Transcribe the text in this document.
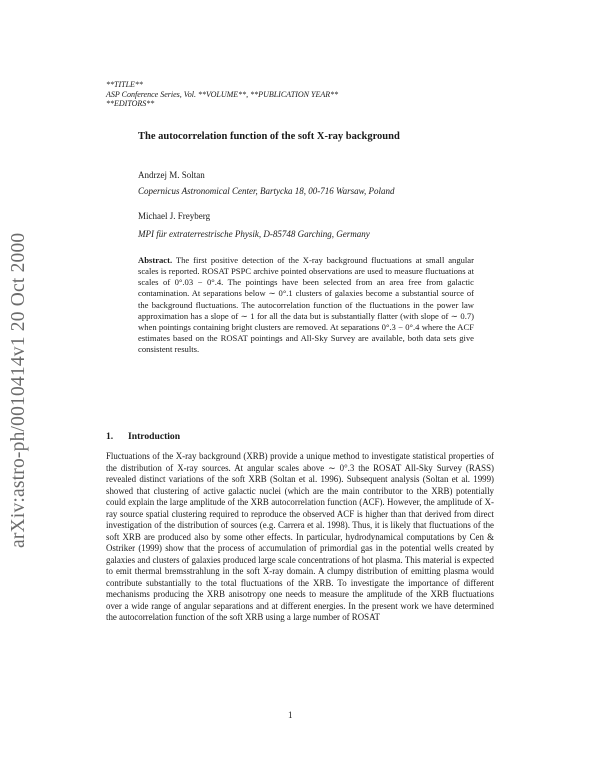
arXiv:astro-ph/0010414v1 20 Oct 2000
**TITLE**
ASP Conference Series, Vol. **VOLUME**, **PUBLICATION YEAR**
**EDITORS**
The autocorrelation function of the soft X-ray background
Andrzej M. Soltan
Copernicus Astronomical Center, Bartycka 18, 00-716 Warsaw, Poland
Michael J. Freyberg
MPI für extraterrestrische Physik, D-85748 Garching, Germany
Abstract. The first positive detection of the X-ray background fluctuations at small angular scales is reported. ROSAT PSPC archive pointed observations are used to measure fluctuations at scales of 0°.03 − 0°.4. The pointings have been selected from an area free from galactic contamination. At separations below ∼ 0°.1 clusters of galaxies become a substantial source of the background fluctuations. The autocorrelation function of the fluctuations in the power law approximation has a slope of ∼ 1 for all the data but is substantially flatter (with slope of ∼ 0.7) when pointings containing bright clusters are removed. At separations 0°.3 − 0°.4 where the ACF estimates based on the ROSAT pointings and All-Sky Survey are available, both data sets give consistent results.
1. Introduction
Fluctuations of the X-ray background (XRB) provide a unique method to investigate statistical properties of the distribution of X-ray sources. At angular scales above ∼ 0°.3 the ROSAT All-Sky Survey (RASS) revealed distinct variations of the soft XRB (Soltan et al. 1996). Subsequent analysis (Soltan et al. 1999) showed that clustering of active galactic nuclei (which are the main contributor to the XRB) potentially could explain the large amplitude of the XRB autocorrelation function (ACF). However, the amplitude of X-ray source spatial clustering required to reproduce the observed ACF is higher than that derived from direct investigation of the distribution of sources (e.g. Carrera et al. 1998). Thus, it is likely that fluctuations of the soft XRB are produced also by some other effects. In particular, hydrodynamical computations by Cen & Ostriker (1999) show that the process of accumulation of primordial gas in the potential wells created by galaxies and clusters of galaxies produced large scale concentrations of hot plasma. This material is expected to emit thermal bremsstrahlung in the soft X-ray domain. A clumpy distribution of emitting plasma would contribute substantially to the total fluctuations of the XRB. To investigate the importance of different mechanisms producing the XRB anisotropy one needs to measure the amplitude of the XRB fluctuations over a wide range of angular separations and at different energies. In the present work we have determined the autocorrelation function of the soft XRB using a large number of ROSAT
1
